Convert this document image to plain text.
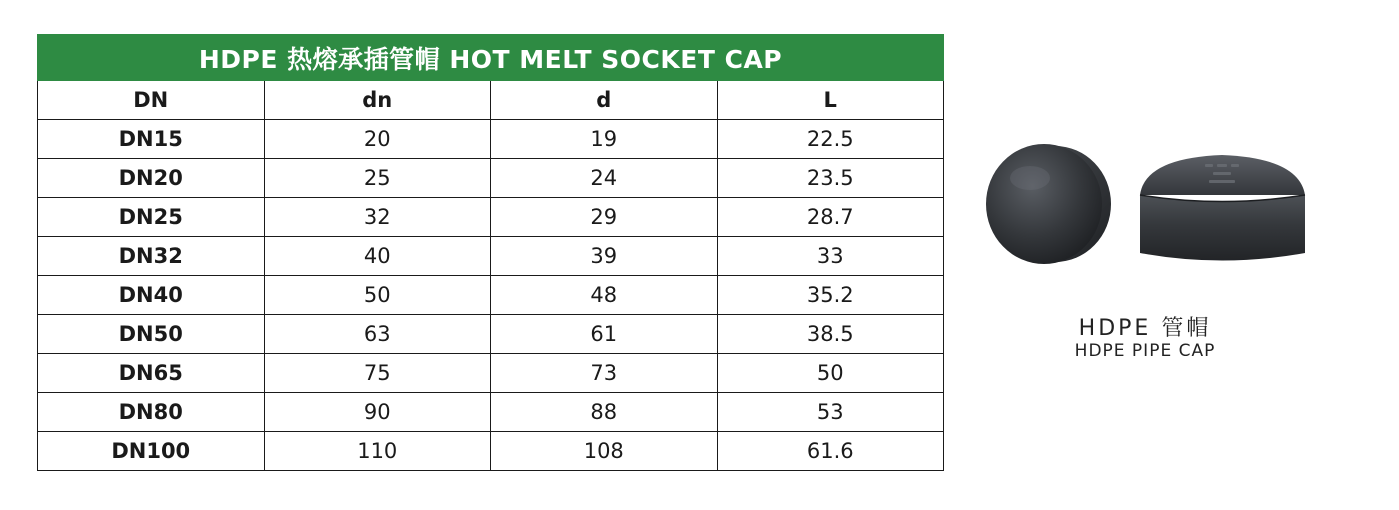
HDPE 热熔承插管帽 HOT MELT SOCKET CAP			
DN	dn	d	L
DN15	20	19	22.5
DN20	25	24	23.5
DN25	32	29	28.7
DN32	40	39	33
DN40	50	48	35.2
DN50	63	61	38.5
DN65	75	73	50
DN80	90	88	53
DN100	110	108	61.6
HDPE 管帽
HDPE PIPE CAP
